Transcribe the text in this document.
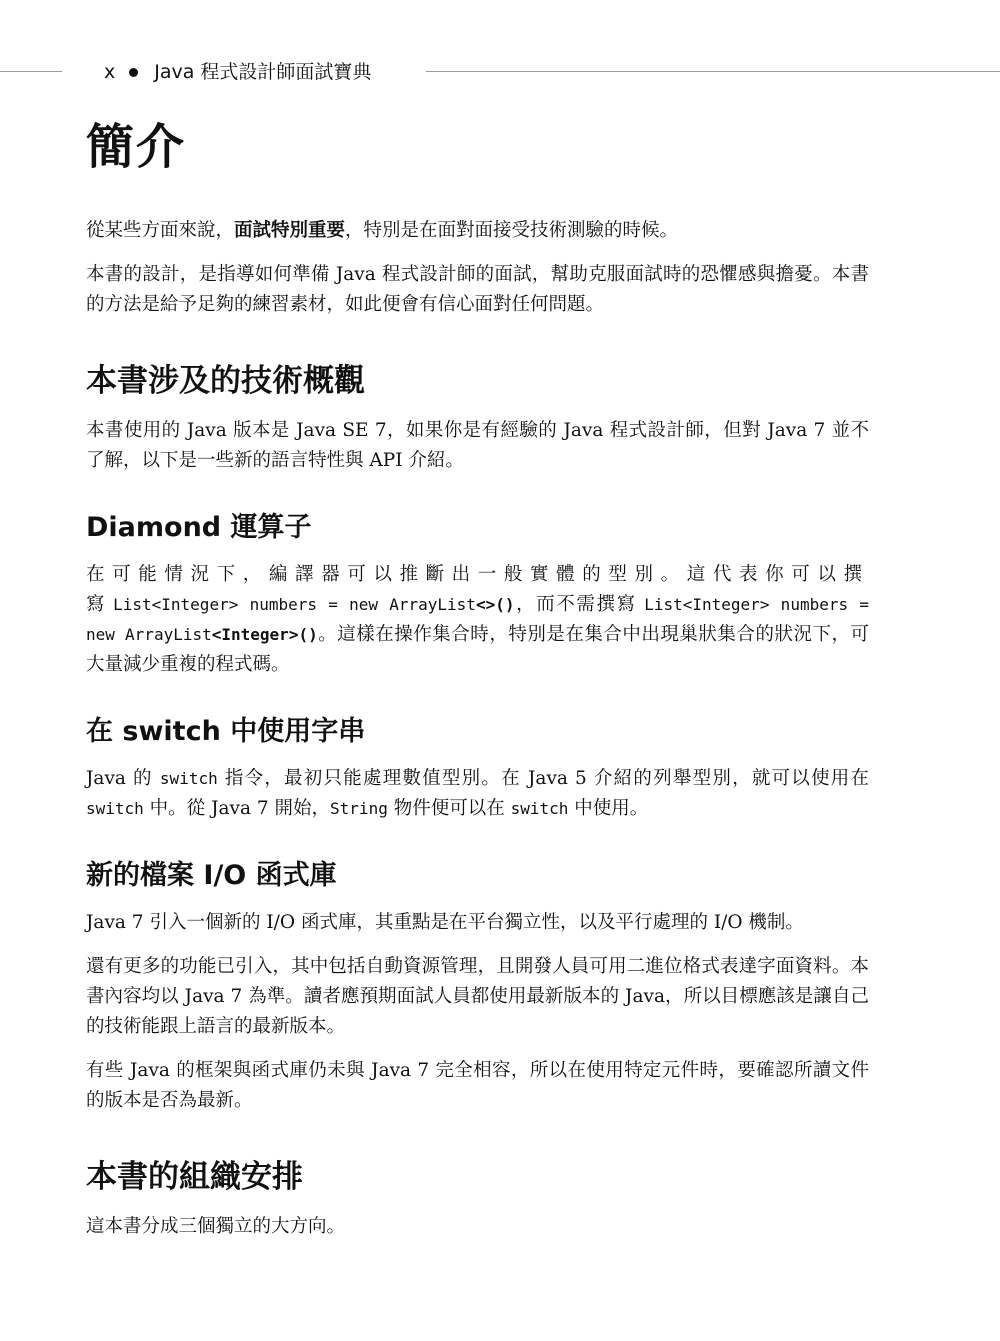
x Java 程式設計師面試寶典
簡介

從某些方面來說，面試特別重要，特別是在面對面接受技術測驗的時候。

本書的設計，是指導如何準備 Java 程式設計師的面試，幫助克服面試時的恐懼感與擔憂。本書的方法是給予足夠的練習素材，如此便會有信心面對任何問題。

本書涉及的技術概觀

本書使用的 Java 版本是 Java SE 7，如果你是有經驗的 Java 程式設計師，但對 Java 7 並不了解，以下是一些新的語言特性與 API 介紹。

Diamond 運算子

在可能情況下，編譯器可以推斷出一般實體的型別。這代表你可以撰寫List<Integer> numbers = new ArrayList<>()，而不需撰寫 List<Integer> numbers = new ArrayList<Integer>()。這樣在操作集合時，特別是在集合中出現巢狀集合的狀況下，可大量減少重複的程式碼。

在 switch 中使用字串

Java 的 switch 指令，最初只能處理數值型別。在 Java 5 介紹的列舉型別，就可以使用在 switch 中。從 Java 7 開始，String 物件便可以在 switch 中使用。

新的檔案 I/O 函式庫

Java 7 引入一個新的 I/O 函式庫，其重點是在平台獨立性，以及平行處理的 I/O 機制。

還有更多的功能已引入，其中包括自動資源管理，且開發人員可用二進位格式表達字面資料。本書內容均以 Java 7 為準。讀者應預期面試人員都使用最新版本的 Java，所以目標應該是讓自己的技術能跟上語言的最新版本。

有些 Java 的框架與函式庫仍未與 Java 7 完全相容，所以在使用特定元件時，要確認所讀文件的版本是否為最新。

本書的組織安排

這本書分成三個獨立的大方向。
